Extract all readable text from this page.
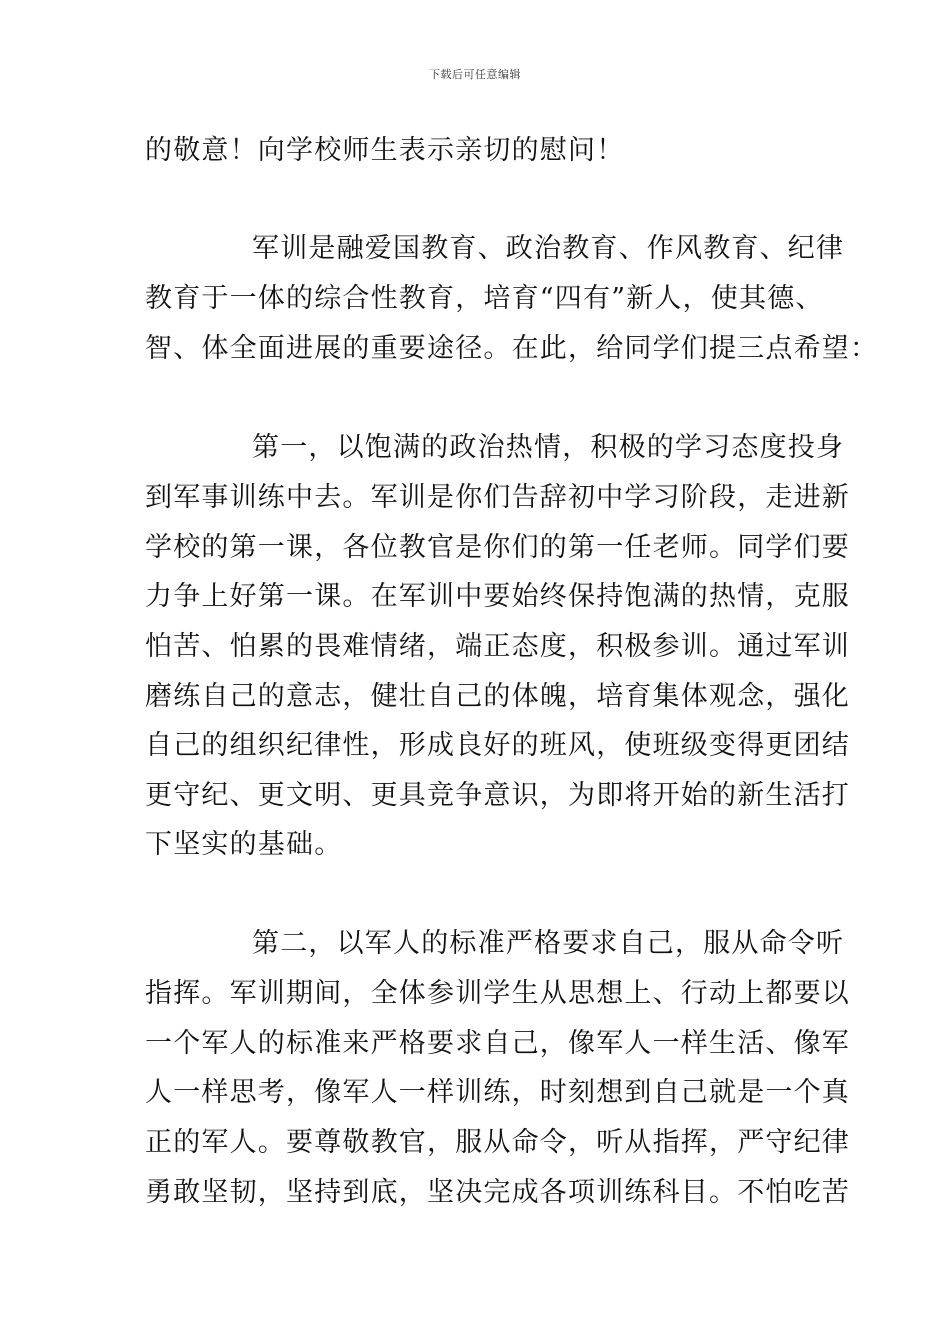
下载后可任意编辑
的敬意！向学校师生表示亲切的慰问！
军训是融爱国教育、政治教育、作风教育、纪律
教育于一体的综合性教育，培育“四有”新人，使其德、
智、体全面进展的重要途径。在此，给同学们提三点希望：
第一，以饱满的政治热情，积极的学习态度投身
到军事训练中去。军训是你们告辞初中学习阶段，走进新
学校的第一课，各位教官是你们的第一任老师。同学们要
力争上好第一课。在军训中要始终保持饱满的热情，克服
怕苦、怕累的畏难情绪，端正态度，积极参训。通过军训
磨练自己的意志，健壮自己的体魄，培育集体观念，强化
自己的组织纪律性，形成良好的班风，使班级变得更团结
更守纪、更文明、更具竞争意识，为即将开始的新生活打
下坚实的基础。
第二，以军人的标准严格要求自己，服从命令听
指挥。军训期间，全体参训学生从思想上、行动上都要以
一个军人的标准来严格要求自己，像军人一样生活、像军
人一样思考，像军人一样训练，时刻想到自己就是一个真
正的军人。要尊敬教官，服从命令，听从指挥，严守纪律
勇敢坚韧，坚持到底，坚决完成各项训练科目。不怕吃苦
